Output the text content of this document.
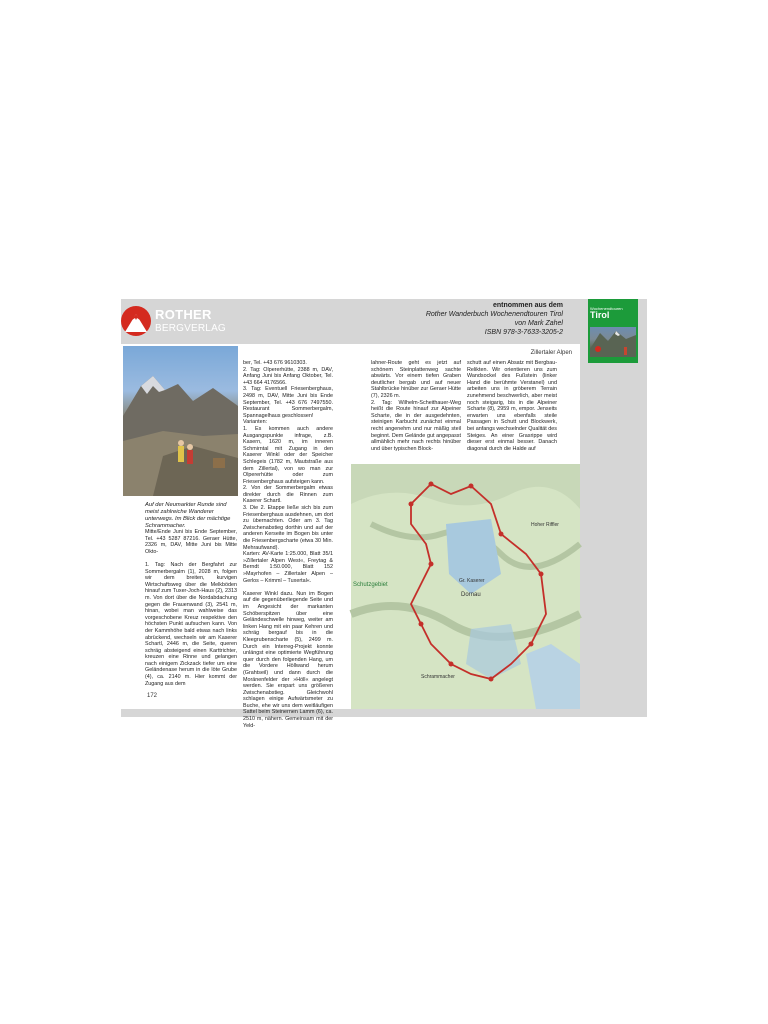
ROTHER
BERGVERLAG
entnommen aus dem
Rother Wanderbuch Wochenendtouren Tirol
von Mark Zahel
ISBN 978-3-7633-3205-2
Wochenendtouren
Tirol
Auf der Neumarkter Runde sind meist zahlreiche Wanderer unterwegs. Im Blick der mächtige Schrammacher.
Mitte/Ende Juni bis Ende September, Tel. +43 5287 87216. Geraer Hütte, 2326 m, DAV, Mitte Juni bis Mitte Okto-

1. Tag: Nach der Bergfahrt zur Sommerbergalm (1), 2028 m, folgen wir dem breiten, kurvigen Wirtschaftsweg über die Melkböden hinauf zum Tuxer-Joch-Haus (2), 2313 m. Von dort über die Nordabdachung gegen die Frauenwand (3), 2541 m, hinan, wobei man wahlweise das vorgeschobene Kreuz respektive den höchsten Punkt aufsuchen kann. Von der Kammhöhe bald etwas nach links abrückend, wechseln wir am Kaserer Schartl, 2446 m, die Seite, queren schräg absteigend einen Karttrichter, kreuzen eine Rinne und gelangen nach einigem Zickzack tiefer um eine Geländenase herum in die löte Grube (4), ca. 2140 m. Hier kommt der Zugang aus dem
ber, Tel. +43 676 9610303.
2. Tag: Olpererhütte, 2388 m, DAV, Anfang Juni bis Anfang Oktober, Tel. +43 664 4176566.
3. Tag: Eventuell Friesenberghaus, 2498 m, DAV, Mitte Juni bis Ende September, Tel. +43 676 7497550. Restaurant Sommerbergalm, Spannagelhaus geschlossen!
Varianten:
1. Es kommen auch andere Ausgangspunkte infrage, z.B. Kasern, 1620 m, im inneren Schmirntal mit Zugang in den Kaserer Winkl oder der Speicher Schlegeis (1782 m, Mautstraße aus dem Zillertal), von wo man zur Olpererhütte oder zum Friesenberghaus aufsteigen kann.
2. Von der Sommerbergalm etwas direkter durch die Rinnen zum Kaserer Schartl.
3. Die 2. Etappe ließe sich bis zum Friesenberghaus ausdehnen, um dort zu übernachten. Oder am 3. Tag Zwischenabstieg dorthin und auf der anderen Kerseite im Bogen bis unter die Friesenbergscharte (etwa 30 Min. Mehraufwand).
Karten: AV-Karte 1:25.000, Blatt 35/1 »Zillertaler Alpen West«, Freytag & Berndt 1:50.000, Blatt 152 »Mayrhofen – Zillertaler Alpen – Gerlos – Krimml – Tuxertal«.

Kaserer Winkl dazu. Nun im Bogen auf die gegenüberliegende Seite und im Angesicht der markanten Schöberspitzen über eine Geländeschwelle hinweg, weiter am linken Hang mit ein paar Kehren und schräg bergauf bis in die Kleegrubenscharte (5), 2499 m. Durch ein Interreg-Projekt konnte unlängst eine optimierte Wegführung quer durch den folgenden Hang, um die Vordere Höllwand herum (Grahtseil) und dann durch die Moränenfelder der »Höll« angelegt werden. Sie erspart uns größeren Zwischenabstieg. Gleichwohl schlagen einige Aufwärtsmeter zu Buche, ehe wir uns dem weitläufigen Sattel beim Steinernen Lamm (6), ca. 2510 m, nähern. Gemeinsam mit der Yeld-
172
Zillertaler Alpen
lahner-Route geht es jetzt auf schönem Steinplattenweg sachte abwärts. Vor einem tiefen Graben deutlicher bergab und auf neuer Stahlbrücke hinüber zur Geraer Hütte (7), 2326 m.
2. Tag: Wilhelm-Scheithauer-Weg heißt die Route hinauf zur Alpeiner Scharte, die in der ausgedehnten, steinigen Karbucht zunächst einmal recht angenehm und nur mäßig steil beginnt. Dem Gelände gut angepasst allmählich mehr nach rechts hinüber und über typischen Block-
schutt auf einen Absatz mit Bergbau-Relikten. Wir orientieren uns zum Wandsockel des Fußstein (linker Hand die berühmte Verstanel) und arbeiten uns in gröberem Terrain zunehmend beschwerlich, aber meist noch steigarig, bis in die Alpeiner Scharte (8), 2959 m, empor. Jenseits erwarten uns ebenfalls steile Passagen in Schutt und Blockwerk, bei anfangs wechselnder Qualität des Steiges. An einer Grasrippe wird dieser erst einmal besser. Danach diagonal durch die Halde auf
Dornau
Gr. Kaserer
Hoher Riffler
Schrammacher
Schutzgebiet
